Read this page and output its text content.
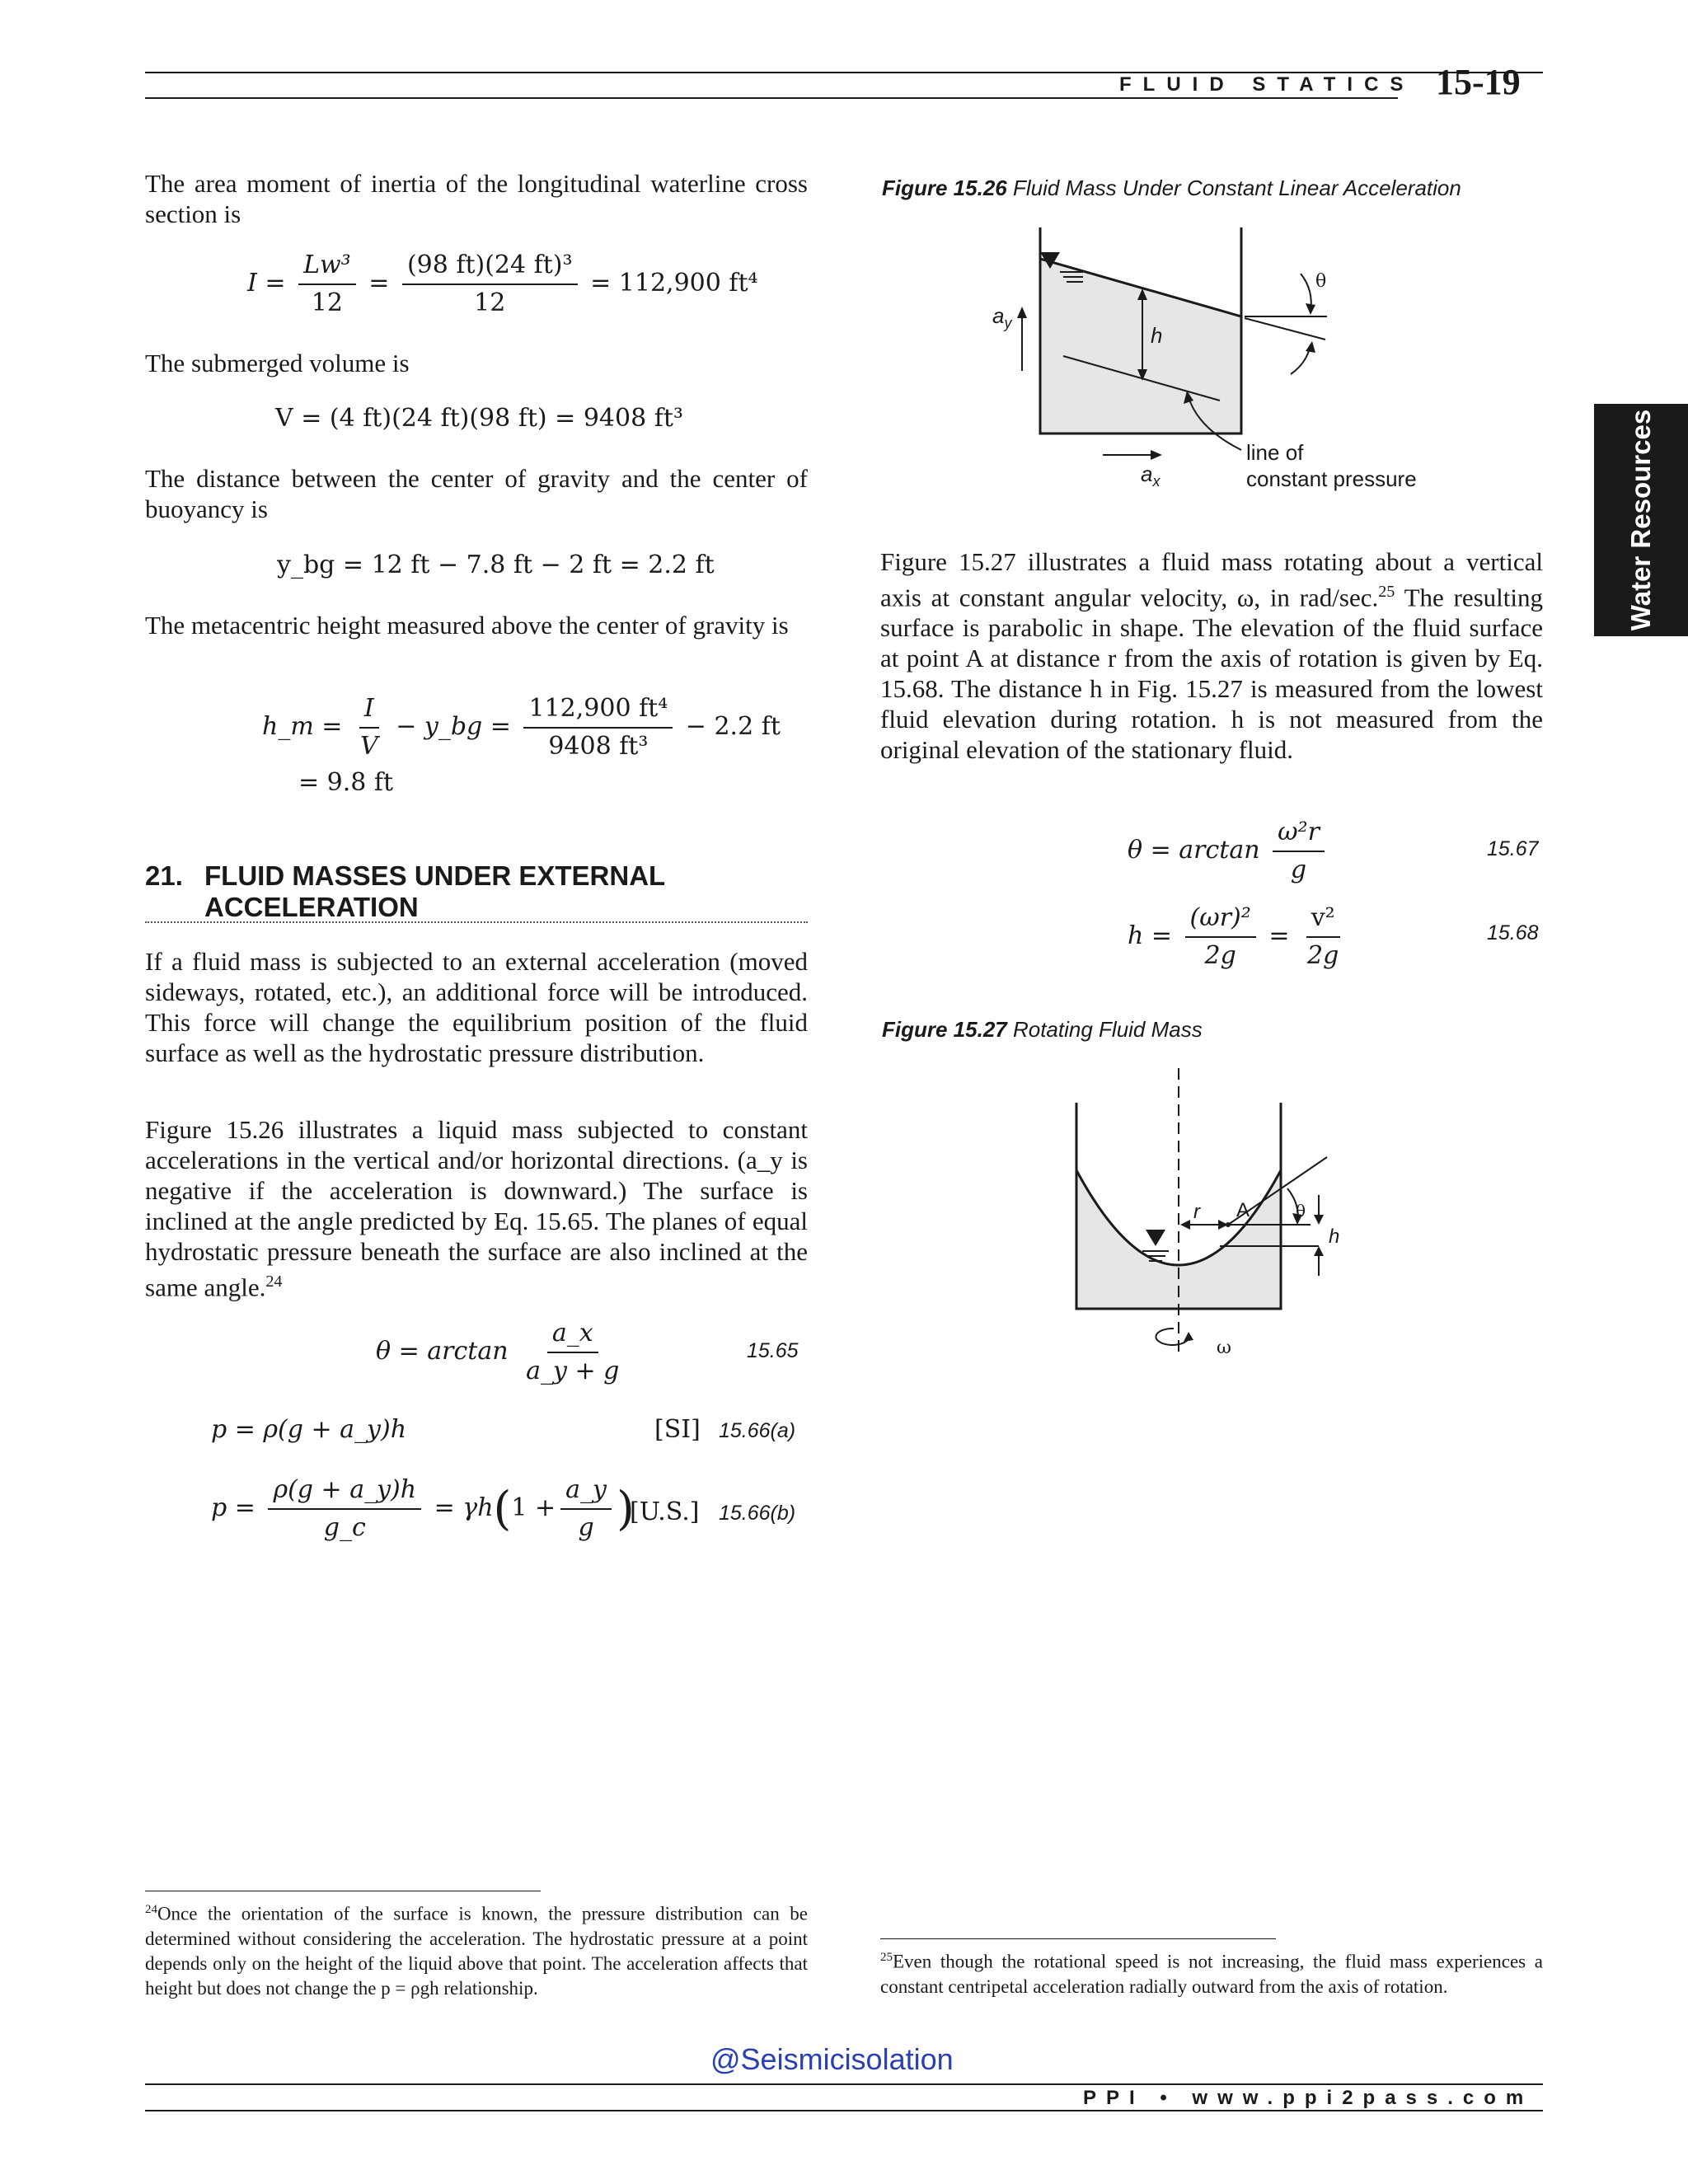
FLUID STATICS 15-19
Water Resources
The area moment of inertia of the longitudinal waterline cross section is
$I = \frac{\text{Lw³}}{12} = \frac{\text{(98 ft)(24 ft)³}}{12} = 112,900$ ft⁴
The submerged volume is
V = (4 ft)(24 ft)(98 ft) = 9408 ft³
The distance between the center of gravity and the center of buoyancy is
y_bg = 12 ft − 7.8 ft − 2 ft = 2.2 ft
The metacentric height measured above the center of gravity is
h_m = $\frac{I}{V}$ − y_bg = $\frac{\text{112,900 ft⁴}}{\text{9408 ft³}} - 2.2$ ft
= 9.8 ft
21. FLUID MASSES UNDER EXTERNAL ACCELERATION
If a fluid mass is subjected to an external acceleration (moved sideways, rotated, etc.), an additional force will be introduced. This force will change the equilibrium position of the fluid surface as well as the hydrostatic pressure distribution.
Figure 15.26 illustrates a liquid mass subjected to constant accelerations in the vertical and/or horizontal directions. (a_y is negative if the acceleration is downward.) The surface is inclined at the angle predicted by Eq. 15.65. The planes of equal hydrostatic pressure beneath the surface are also inclined at the same angle.$^{24}$
$\theta = \arctan \frac{a\_x}{a\_y + g}$	15.65
p = ρ(g + a_y)h	[SI] 15.66(a)
$p = \frac{\rho(g + a\_y)h}{g\_c} = \gamma h(1 + \frac{a\_y}{g}$ )
[U.S.] 15.66(b)
$^{24}$Once the orientation of the surface is known, the pressure distribution can be determined without considering the acceleration. The hydrostatic pressure at a point depends only on the height of the liquid above that point. The acceleration affects that height but does not change the p = ρgh relationship.
Figure 15.26 Fluid Mass Under Constant Linear Acceleration
h
$a_y$
$a_x$
θ
line of
constant pressure
Figure 15.27 illustrates a fluid mass rotating about a vertical axis at constant angular velocity, ω, in rad/sec.$^{25}$ The resulting surface is parabolic in shape. The elevation of the fluid surface at point A at distance r from the axis of rotation is given by Eq. 15.68. The distance h in Fig. 15.27 is measured from the lowest fluid elevation during rotation. h is not measured from the original elevation of the stationary fluid.
$\theta = \arctan \frac{\text{ω²r}}{g}$	15.67
$h = \frac{\text{(ωr)²}}{2g} = \frac{\text{v²}}{2g}$	15.68
Figure 15.27 Rotating Fluid Mass
r A	θ
h
ω
$^{25}$Even though the rotational speed is not increasing, the fluid mass experiences a constant centripetal acceleration radially outward from the axis of rotation.
@Seismicisolation
PPI • www.ppi2pass.com
